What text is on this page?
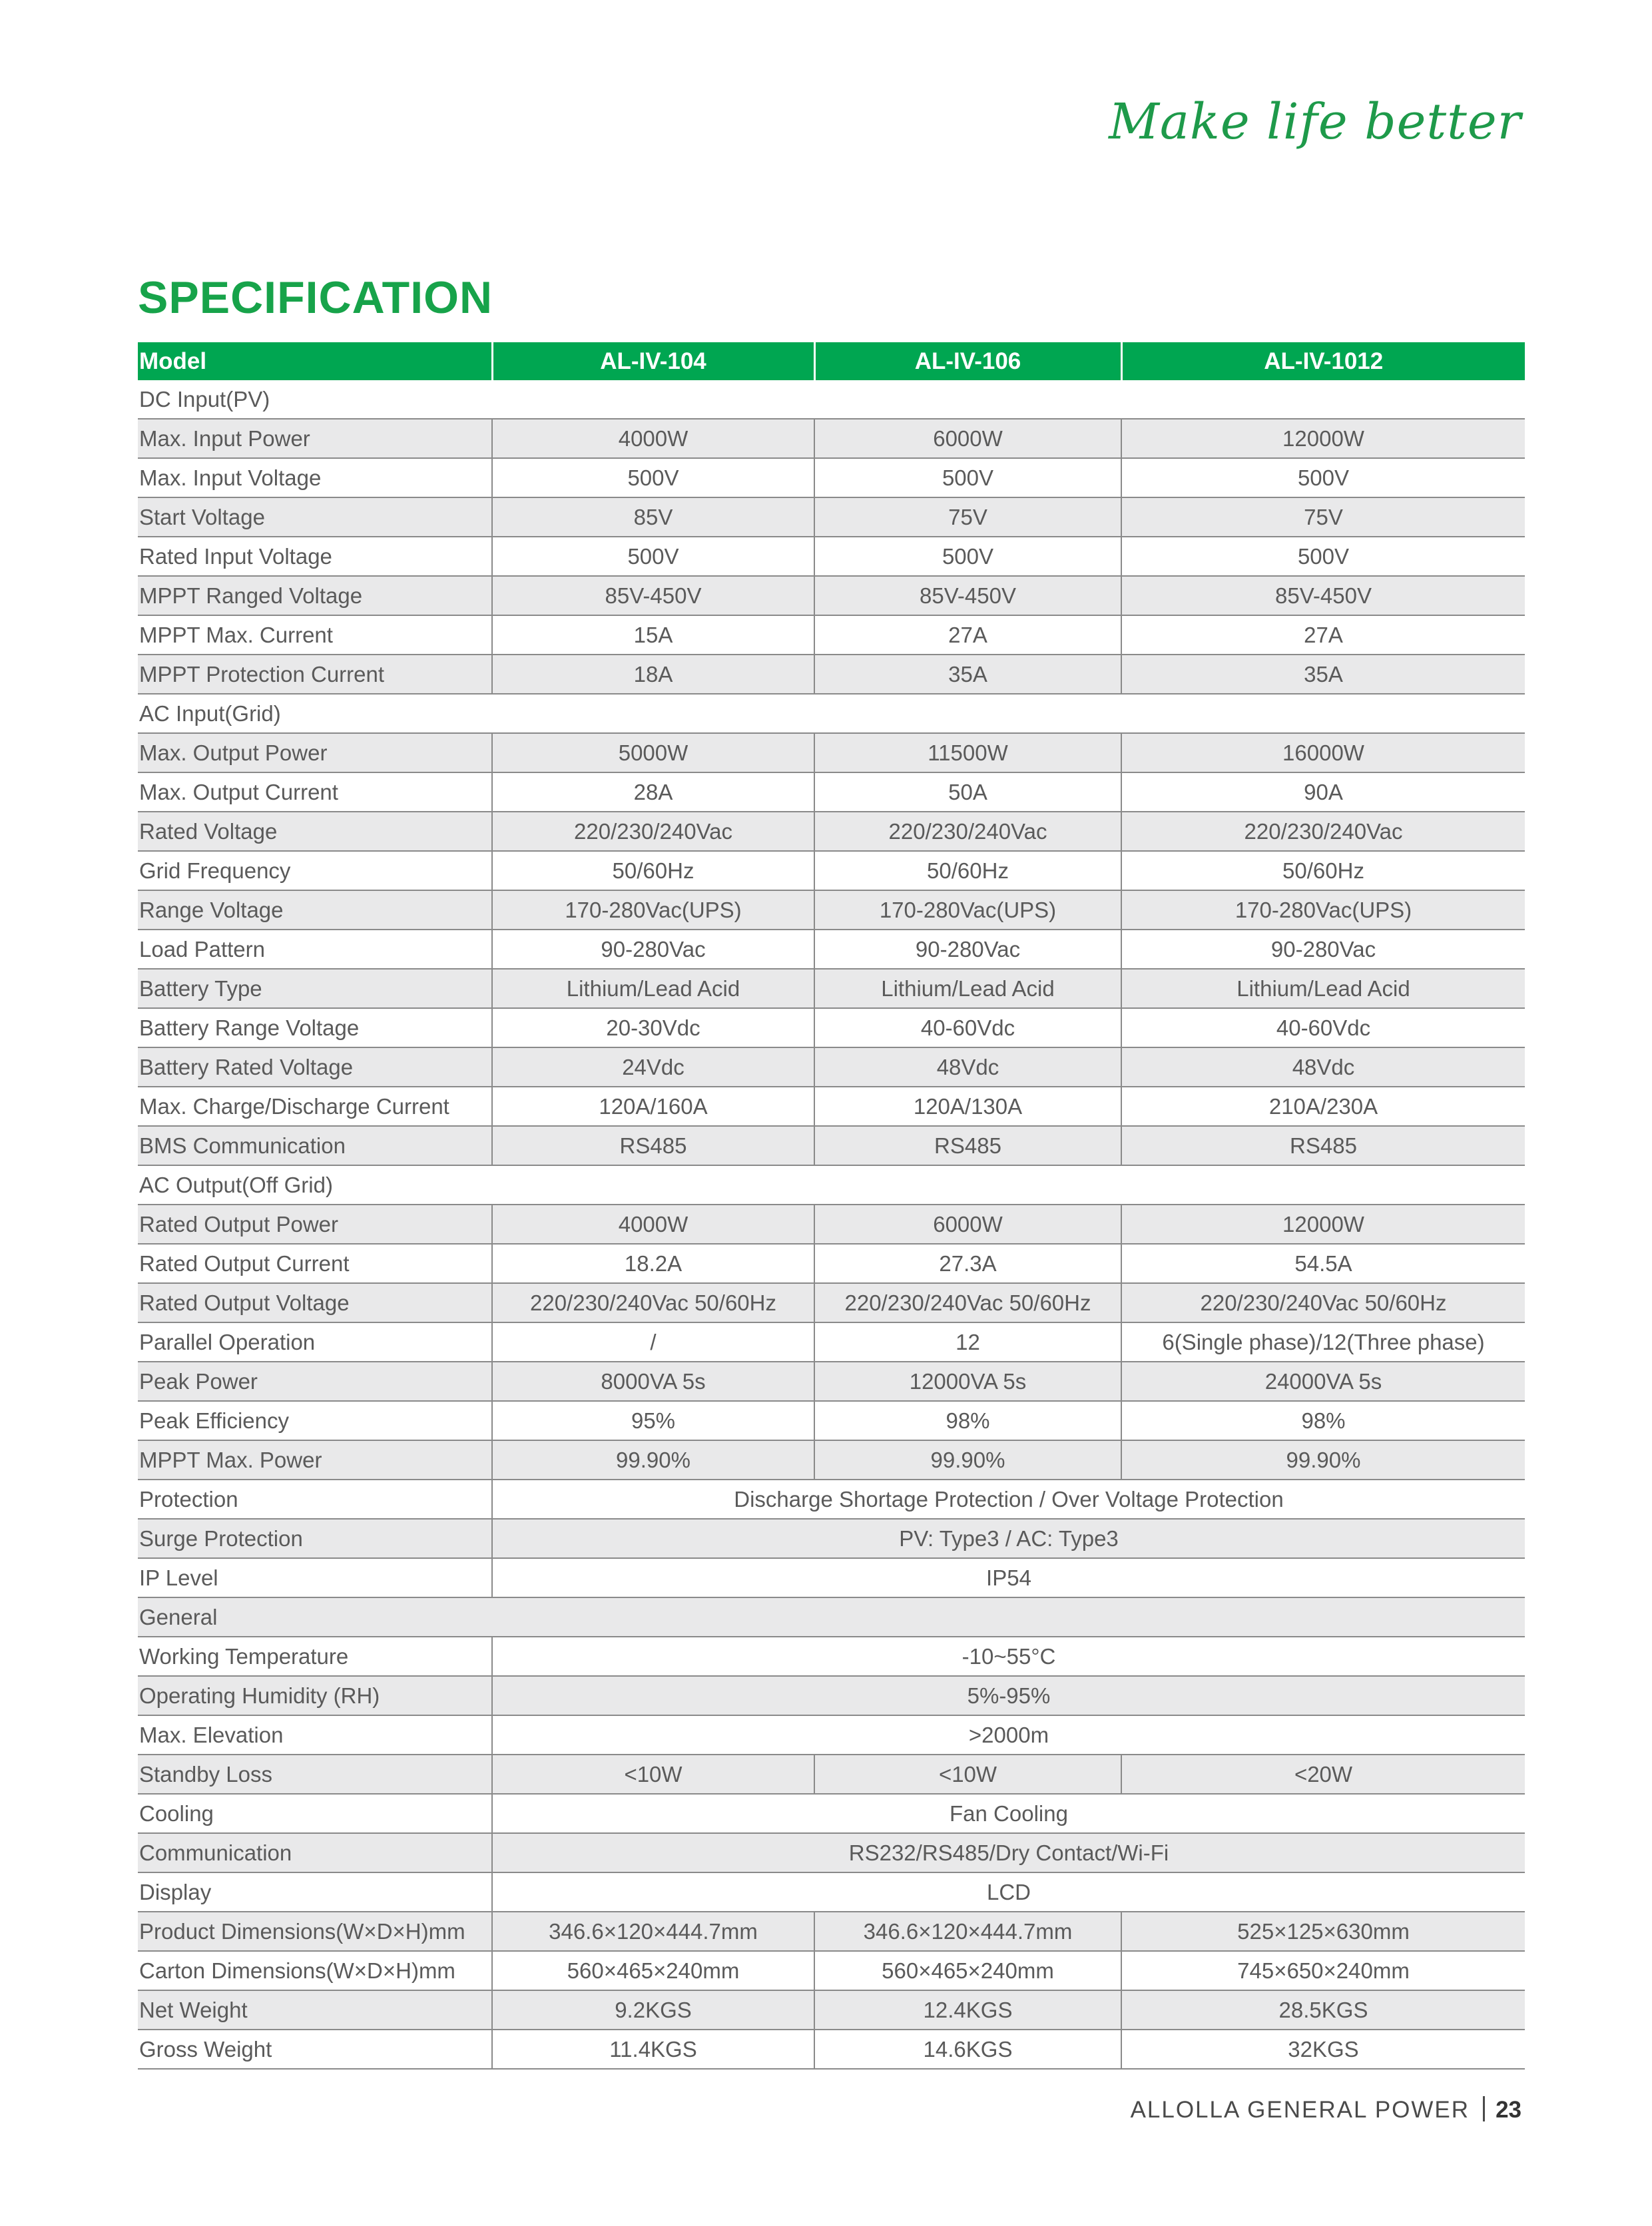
Make life better
SPECIFICATION
Model	AL-IV-104	AL-IV-106	AL-IV-1012
DC Input(PV)			
Max. Input Power	4000W	6000W	12000W
Max. Input Voltage	500V	500V	500V
Start Voltage	85V	75V	75V
Rated Input Voltage	500V	500V	500V
MPPT Ranged Voltage	85V-450V	85V-450V	85V-450V
MPPT Max. Current	15A	27A	27A
MPPT Protection Current	18A	35A	35A
AC Input(Grid)			
Max. Output Power	5000W	11500W	16000W
Max. Output Current	28A	50A	90A
Rated Voltage	220/230/240Vac	220/230/240Vac	220/230/240Vac
Grid Frequency	50/60Hz	50/60Hz	50/60Hz
Range Voltage	170-280Vac(UPS)	170-280Vac(UPS)	170-280Vac(UPS)
Load Pattern	90-280Vac	90-280Vac	90-280Vac
Battery Type	Lithium/Lead Acid	Lithium/Lead Acid	Lithium/Lead Acid
Battery Range Voltage	20-30Vdc	40-60Vdc	40-60Vdc
Battery Rated Voltage	24Vdc	48Vdc	48Vdc
Max. Charge/Discharge Current	120A/160A	120A/130A	210A/230A
BMS Communication	RS485	RS485	RS485
AC Output(Off Grid)			
Rated Output Power	4000W	6000W	12000W
Rated Output Current	18.2A	27.3A	54.5A
Rated Output Voltage	220/230/240Vac 50/60Hz	220/230/240Vac 50/60Hz	220/230/240Vac 50/60Hz
Parallel Operation	/	12	6(Single phase)/12(Three phase)
Peak Power	8000VA 5s	12000VA 5s	24000VA 5s
Peak Efficiency	95%	98%	98%
MPPT Max. Power	99.90%	99.90%	99.90%
Protection	Discharge Shortage Protection / Over Voltage Protection		
Surge Protection	PV: Type3 / AC: Type3		
IP Level	IP54		
General			
Working Temperature	-10~55°C		
Operating Humidity (RH)	5%-95%		
Max. Elevation	>2000m		
Standby Loss	<10W	<10W	<20W
Cooling	Fan Cooling		
Communication	RS232/RS485/Dry Contact/Wi-Fi		
Display	LCD		
Product Dimensions(W×D×H)mm	346.6×120×444.7mm	346.6×120×444.7mm	525×125×630mm
Carton Dimensions(W×D×H)mm	560×465×240mm	560×465×240mm	745×650×240mm
Net Weight	9.2KGS	12.4KGS	28.5KGS
Gross Weight	11.4KGS	14.6KGS	32KGS
ALLOLLA GENERAL POWER 23
